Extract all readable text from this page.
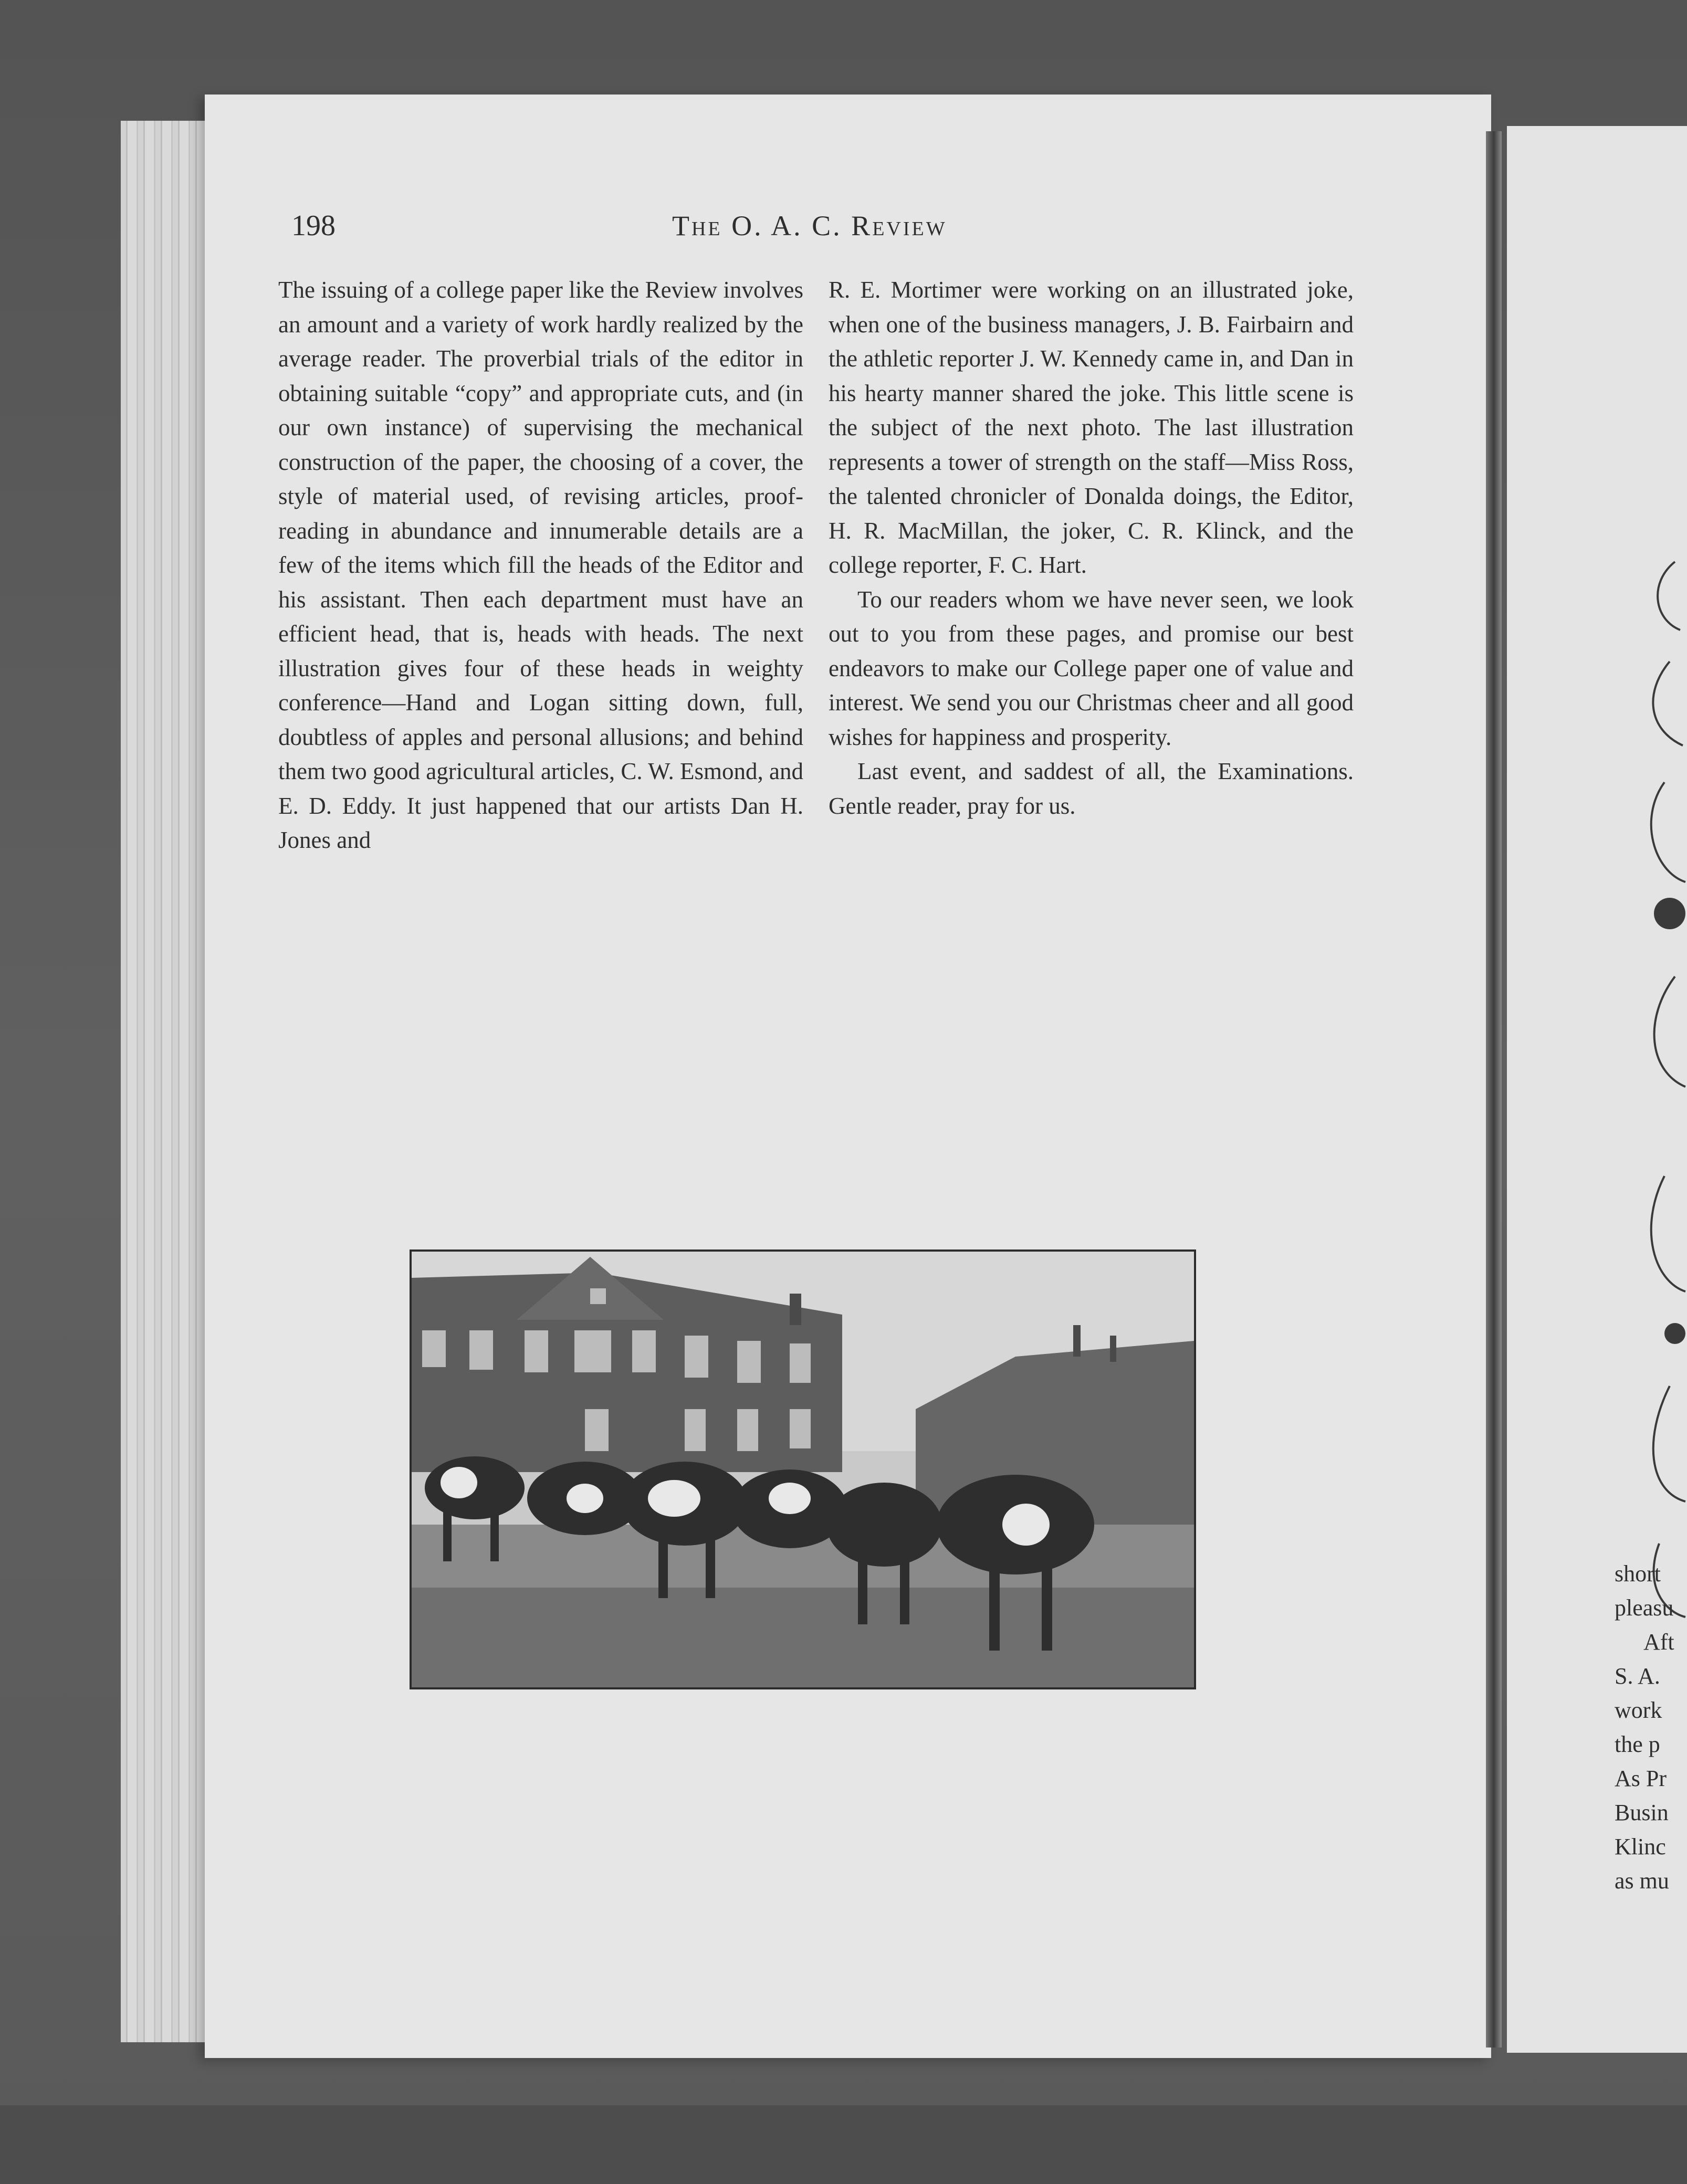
198	The O. A. C. Review

The issuing of a college paper like the Review involves an amount and a variety of work hardly realized by the average reader. The proverbial trials of the editor in obtaining suitable “copy” and appropriate cuts, and (in our own instance) of supervising the mechanical construction of the paper, the choosing of a cover, the style of material used, of revising articles, proof-reading in abundance and innumerable details are a few of the items which fill the heads of the Editor and his assistant. Then each department must have an efficient head, that is, heads with heads. The next illustration gives four of these heads in weighty conference—Hand and Logan sitting down, full, doubtless of apples and personal allusions; and behind them two good agricultural articles, C. W. Esmond, and E. D. Eddy. It just happened that our artists Dan H. Jones and

R. E. Mortimer were working on an illustrated joke, when one of the business managers, J. B. Fairbairn and the athletic reporter J. W. Kennedy came in, and Dan in his hearty manner shared the joke. This little scene is the subject of the next photo. The last illustration represents a tower of strength on the staff—Miss Ross, the talented chronicler of Donalda doings, the Editor, H. R. MacMillan, the joker, C. R. Klinck, and the college reporter, F. C. Hart.

To our readers whom we have never seen, we look out to you from these pages, and promise our best endeavors to make our College paper one of value and interest. We send you our Christmas cheer and all good wishes for happiness and prosperity.

Last event, and saddest of all, the Examinations. Gentle reader, pray for us.

short
pleasu
Aft
S. A.
work
the p
As Pr
Busin
Klinc
as mu
